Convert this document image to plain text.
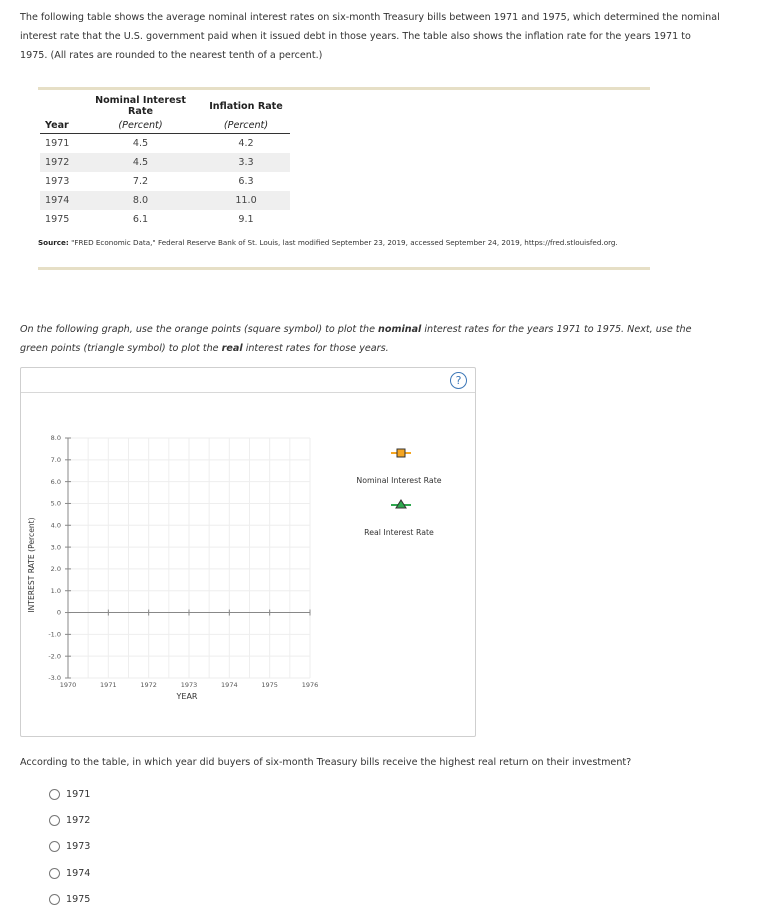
The following table shows the average nominal interest rates on six-month Treasury bills between 1971 and 1975, which determined the nominal interest rate that the U.S. government paid when it issued debt in those years. The table also shows the inflation rate for the years 1971 to 1975. (All rates are rounded to the nearest tenth of a percent.)
	Nominal Interest Rate	Inflation Rate
Year	(Percent)	(Percent)
1971	4.5	4.2
1972	4.5	3.3
1973	7.2	6.3
1974	8.0	11.0
1975	6.1	9.1
Source: "FRED Economic Data," Federal Reserve Bank of St. Louis, last modified September 23, 2019, accessed September 24, 2019, https://fred.stlouisfed.org.
On the following graph, use the orange points (square symbol) to plot the nominal interest rates for the years 1971 to 1975. Next, use the green points (triangle symbol) to plot the real interest rates for those years.
?
8.0
7.0
6.0
5.0
4.0
3.0
2.0
1.0
0
-1.0
-2.0
-3.0
1970	1971	1972	1973	1974	1975	1976
INTEREST RATE (Percent)
YEAR
Nominal Interest Rate
Real Interest Rate
According to the table, in which year did buyers of six-month Treasury bills receive the highest real return on their investment?
1971
1972
1973
1974
1975
